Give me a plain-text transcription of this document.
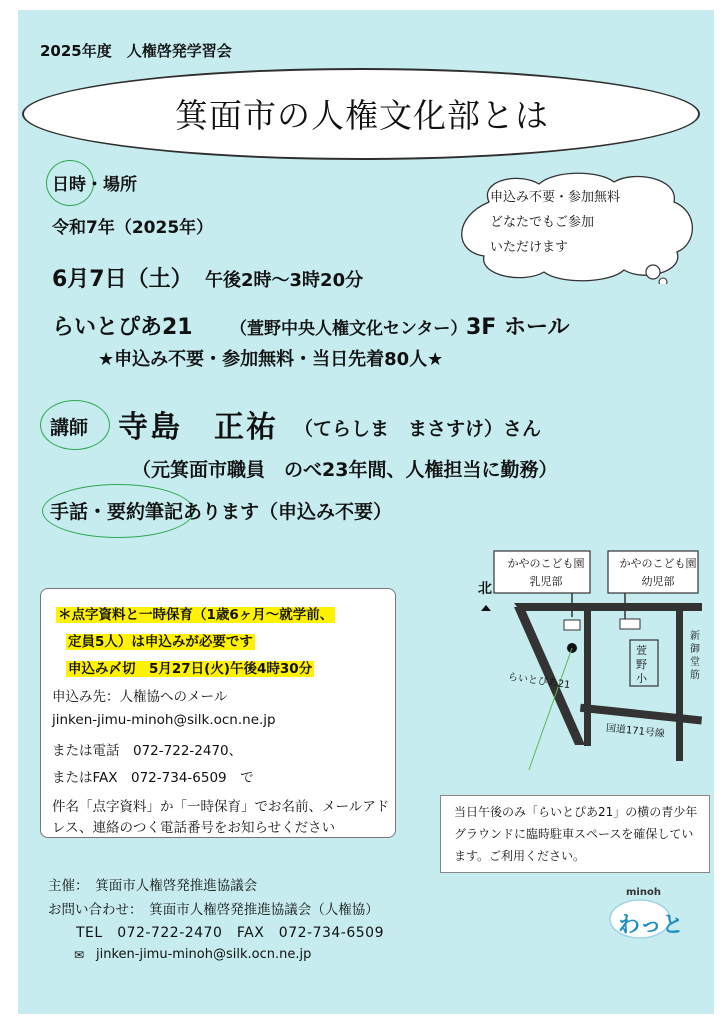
2025年度　人権啓発学習会
箕面市の人権文化部とは
日時・場所
令和7年（2025年）
6月7日（土） 午後2時～3時20分
らいとぴあ21 （萱野中央人権文化センター）
3F ホール
★申込み不要・参加無料・当日先着80人★
申込み不要・参加無料
どなたでもご参加
いただけます
講師 寺島　正祐 （てらしま　まさすけ）さん
（元箕面市職員　のべ23年間、人権担当に勤務）
手話・要約筆記あります（申込み不要）
＊点字資料と一時保育（1歳6ヶ月～就学前、
定員5人）は申込みが必要です
申込み〆切　5月27日(火)午後4時30分
申込み先：人権協へのメール
jinken-jimu-minoh@silk.ocn.ne.jp
または電話　072-722-2470、
またはFAX　072-734-6509　で
件名「点字資料」か「一時保育」でお名前、メールアド
レス、連絡のつく電話番号をお知らせください
かやのこども園
乳児部
かやのこども園
幼児部
北
萱野小
新御堂筋
らいとぴあ21
国道171号線
当日午後のみ「らいとぴあ21」の横の青少年グラウンドに臨時駐車スペースを確保しています。ご利用ください。
主催：　箕面市人権啓発推進協議会
お問い合わせ：　箕面市人権啓発推進協議会（人権協）
TEL　072-722-2470　FAX　072-734-6509
✉ jinken-jimu-minoh@silk.ocn.ne.jp
minoh
わっと
